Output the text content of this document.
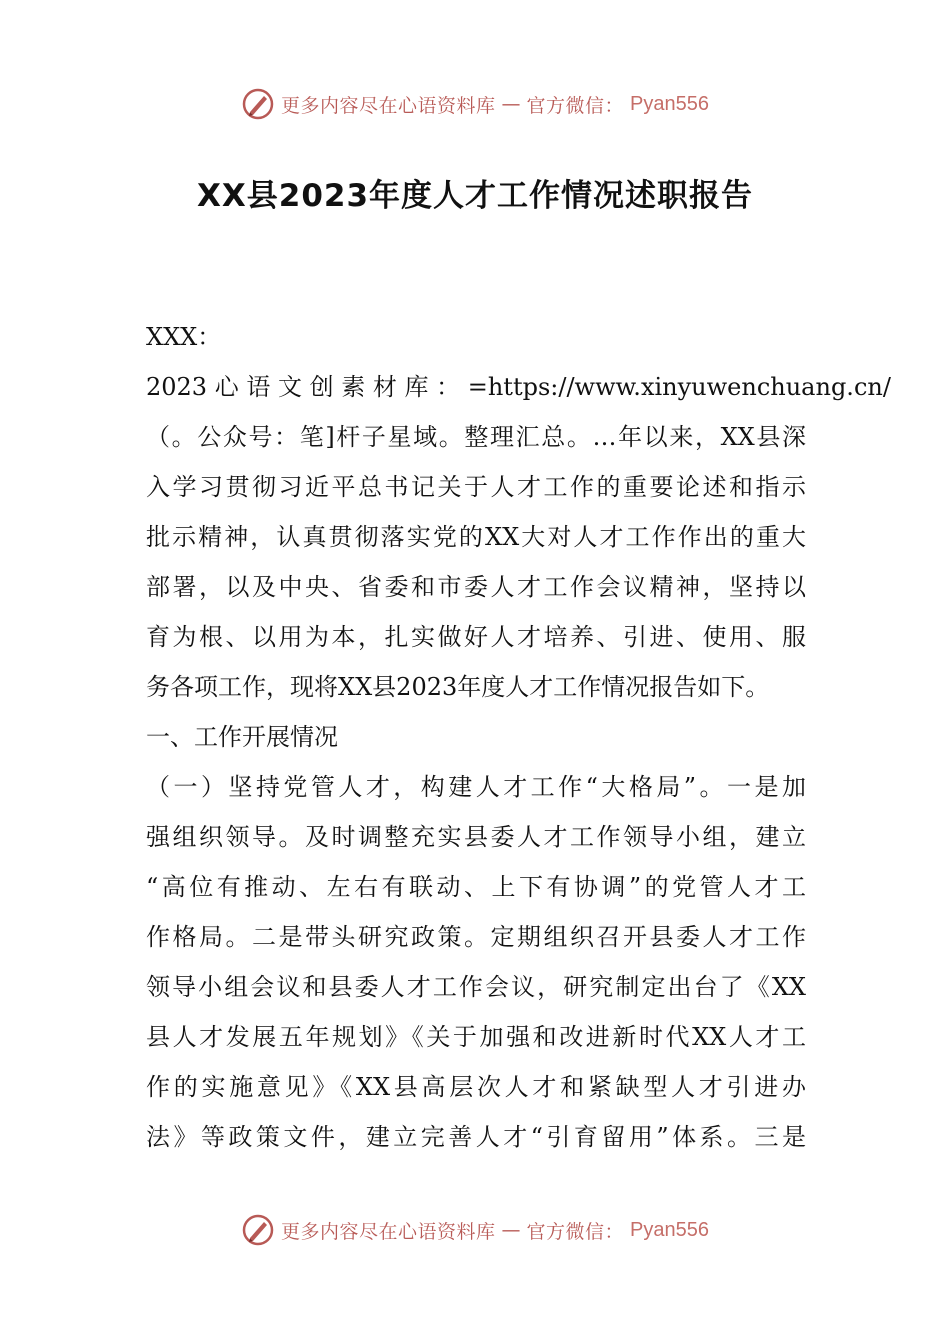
更多内容尽在心语资料库 — 官方微信： Pyan556
XX县2023年度人才工作情况述职报告
XXX：
2023 心 语 文 创 素 材 库 ： =https://www.xinyuwenchuang.cn/
（。公众号：笔]杆子星域。整理汇总。…年以来，XX县深
入学习贯彻习近平总书记关于人才工作的重要论述和指示
批示精神，认真贯彻落实党的XX大对人才工作作出的重大
部署，以及中央、省委和市委人才工作会议精神，坚持以
育为根、以用为本，扎实做好人才培养、引进、使用、服
务各项工作，现将XX县2023年度人才工作情况报告如下。
一、工作开展情况
（一）坚持党管人才，构建人才工作“大格局”。一是加
强组织领导。及时调整充实县委人才工作领导小组，建立
“高位有推动、左右有联动、上下有协调”的党管人才工
作格局。二是带头研究政策。定期组织召开县委人才工作
领导小组会议和县委人才工作会议，研究制定出台了《XX
县人才发展五年规划》《关于加强和改进新时代XX人才工
作的实施意见》《XX县高层次人才和紧缺型人才引进办
法》等政策文件，建立完善人才“引育留用”体系。三是
更多内容尽在心语资料库 — 官方微信： Pyan556
